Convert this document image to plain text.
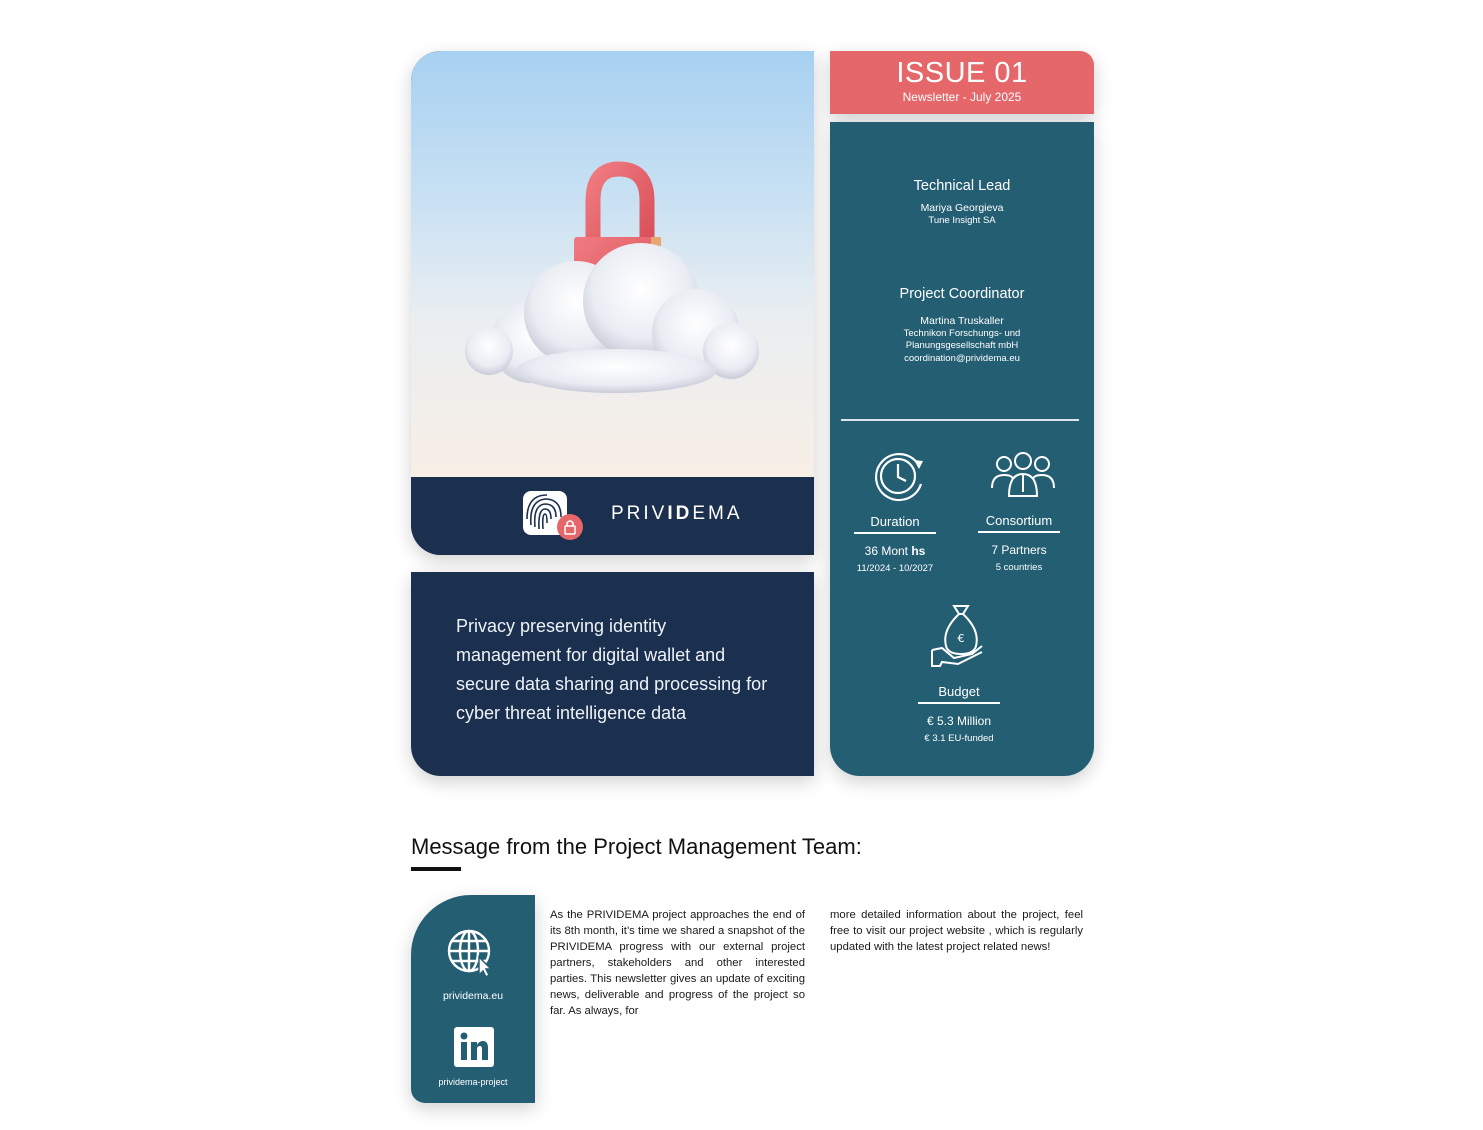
PRIVIDEMA

Privacy preserving identity management for digital wallet and secure data sharing and processing for cyber threat intelligence data

ISSUE 01
Newsletter - July 2025
Technical Lead
Mariya Georgieva
Tune Insight SA
Project Coordinator
Martina Truskaller
Technikon Forschungs- und
Planungsgesellschaft mbH
coordination@pri​videma.eu
Duration
36 Mont hs
11/2024 - 10/2027
Consortium
7 Partners
5 countries
€
Budget
€ 5.3 Million
€ 3.1 EU-funded
Message from the Project Management Team:
pri​videma.eu
pri​videma-project
As the PRIVIDEMA project approaches the end of its 8th month, it’s time we shared a snapshot of the PRIVIDEMA progress with our external project partners, stakeholders and other interested parties. This newsletter gives an update of exciting news, deliverable and progress of the project so far. As always, for
more detailed information about the project, feel free to visit our project website , which is regularly updated with the latest project related news!
